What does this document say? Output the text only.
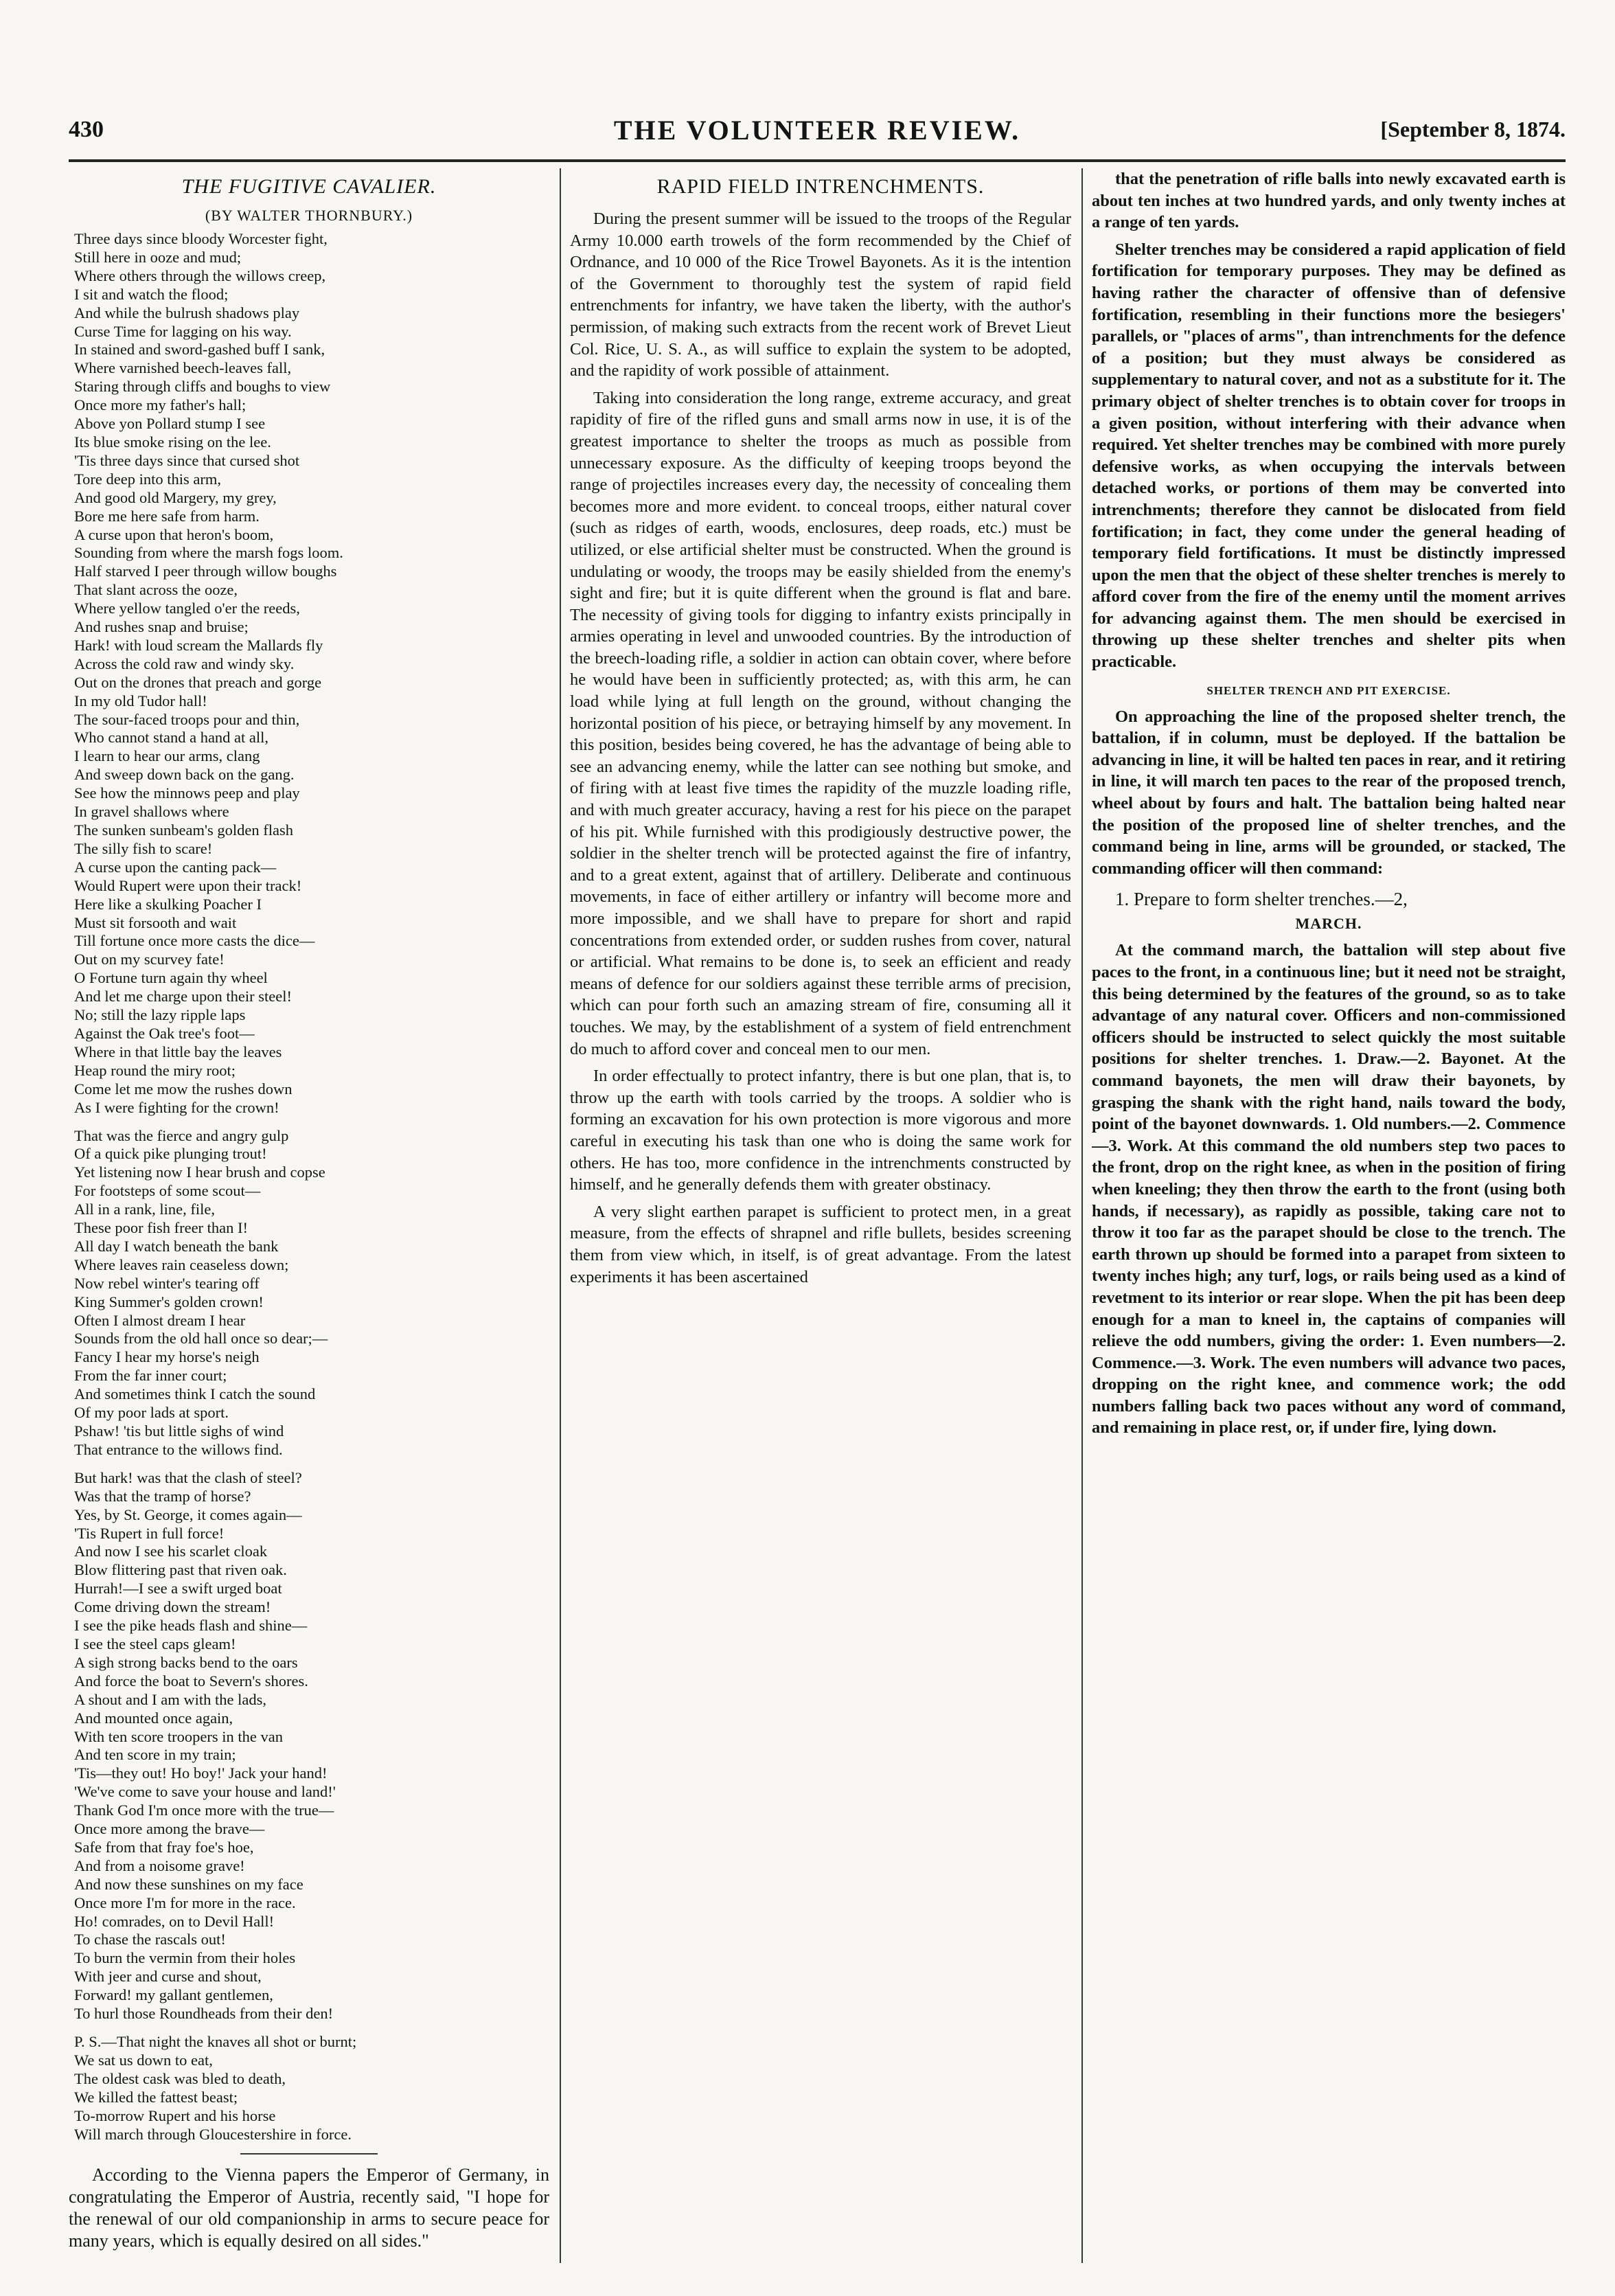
430	THE VOLUNTEER REVIEW.	[September 8, 1874.
THE FUGITIVE CAVALIER.
(BY WALTER THORNBURY.)
Three days since bloody Worcester fight,
Still here in ooze and mud;
Where others through the willows creep,
I sit and watch the flood;
And while the bulrush shadows play
Curse Time for lagging on his way.
In stained and sword-gashed buff I sank,
Where varnished beech-leaves fall,
Staring through cliffs and boughs to view
Once more my father's hall;
Above yon Pollard stump I see
Its blue smoke rising on the lee.
'Tis three days since that cursed shot
Tore deep into this arm,
And good old Margery, my grey,
Bore me here safe from harm.
A curse upon that heron's boom,
Sounding from where the marsh fogs loom.
Half starved I peer through willow boughs
That slant across the ooze,
Where yellow tangled o'er the reeds,
And rushes snap and bruise;
Hark! with loud scream the Mallards fly
Across the cold raw and windy sky.
Out on the drones that preach and gorge
In my old Tudor hall!
The sour-faced troops pour and thin,
Who cannot stand a hand at all,
I learn to hear our arms, clang
And sweep down back on the gang.
See how the minnows peep and play
In gravel shallows where
The sunken sunbeam's golden flash
The silly fish to scare!
A curse upon the canting pack—
Would Rupert were upon their track!
Here like a skulking Poacher I
Must sit forsooth and wait
Till fortune once more casts the dice—
Out on my scurvey fate!
O Fortune turn again thy wheel
And let me charge upon their steel!
No; still the lazy ripple laps
Against the Oak tree's foot—
Where in that little bay the leaves
Heap round the miry root;
Come let me mow the rushes down
As I were fighting for the crown!
That was the fierce and angry gulp
Of a quick pike plunging trout!
Yet listening now I hear brush and copse
For footsteps of some scout—
All in a rank, line, file,
These poor fish freer than I!
All day I watch beneath the bank
Where leaves rain ceaseless down;
Now rebel winter's tearing off
King Summer's golden crown!
Often I almost dream I hear
Sounds from the old hall once so dear;—
Fancy I hear my horse's neigh
From the far inner court;
And sometimes think I catch the sound
Of my poor lads at sport.
Pshaw! 'tis but little sighs of wind
That entrance to the willows find.
But hark! was that the clash of steel?
Was that the tramp of horse?
Yes, by St. George, it comes again—
'Tis Rupert in full force!
And now I see his scarlet cloak
Blow flittering past that riven oak.
Hurrah!—I see a swift urged boat
Come driving down the stream!
I see the pike heads flash and shine—
I see the steel caps gleam!
A sigh strong backs bend to the oars
And force the boat to Severn's shores.
A shout and I am with the lads,
And mounted once again,
With ten score troopers in the van
And ten score in my train;
'Tis—they out! Ho boy!' Jack your hand!
'We've come to save your house and land!'
Thank God I'm once more with the true—
Once more among the brave—
Safe from that fray foe's hoe,
And from a noisome grave!
And now these sunshines on my face
Once more I'm for more in the race.
Ho! comrades, on to Devil Hall!
To chase the rascals out!
To burn the vermin from their holes
With jeer and curse and shout,
Forward! my gallant gentlemen,
To hurl those Roundheads from their den!
P. S.—That night the knaves all shot or burnt;
We sat us down to eat,
The oldest cask was bled to death,
We killed the fattest beast;
To-morrow Rupert and his horse
Will march through Gloucestershire in force.

According to the Vienna papers the Emperor of Germany, in congratulating the Emperor of Austria, recently said, "I hope for the renewal of our old companionship in arms to secure peace for many years, which is equally desired on all sides."

RAPID FIELD INTRENCHMENTS.

During the present summer will be issued to the troops of the Regular Army 10.000 earth trowels of the form recommended by the Chief of Ordnance, and 10 000 of the Rice Trowel Bayonets. As it is the intention of the Government to thoroughly test the system of rapid field entrenchments for infantry, we have taken the liberty, with the author's permission, of making such extracts from the recent work of Brevet Lieut Col. Rice, U. S. A., as will suffice to explain the system to be adopted, and the rapidity of work possible of attainment.

Taking into consideration the long range, extreme accuracy, and great rapidity of fire of the rifled guns and small arms now in use, it is of the greatest importance to shelter the troops as much as possible from unnecessary exposure. As the difficulty of keeping troops beyond the range of projectiles increases every day, the necessity of concealing them becomes more and more evident. to conceal troops, either natural cover (such as ridges of earth, woods, enclosures, deep roads, etc.) must be utilized, or else artificial shelter must be constructed. When the ground is undulating or woody, the troops may be easily shielded from the enemy's sight and fire; but it is quite different when the ground is flat and bare. The necessity of giving tools for digging to infantry exists principally in armies operating in level and unwooded countries. By the introduction of the breech-loading rifle, a soldier in action can obtain cover, where before he would have been in sufficiently protected; as, with this arm, he can load while lying at full length on the ground, without changing the horizontal position of his piece, or betraying himself by any movement. In this position, besides being covered, he has the advantage of being able to see an advancing enemy, while the latter can see nothing but smoke, and of firing with at least five times the rapidity of the muzzle loading rifle, and with much greater accuracy, having a rest for his piece on the parapet of his pit. While furnished with this prodigiously destructive power, the soldier in the shelter trench will be protected against the fire of infantry, and to a great extent, against that of artillery. Deliberate and continuous movements, in face of either artillery or infantry will become more and more impossible, and we shall have to prepare for short and rapid concentrations from extended order, or sudden rushes from cover, natural or artificial. What remains to be done is, to seek an efficient and ready means of defence for our soldiers against these terrible arms of precision, which can pour forth such an amazing stream of fire, consuming all it touches. We may, by the establishment of a system of field entrenchment do much to afford cover and conceal men to our men.

In order effectually to protect infantry, there is but one plan, that is, to throw up the earth with tools carried by the troops. A soldier who is forming an excavation for his own protection is more vigorous and more careful in executing his task than one who is doing the same work for others. He has too, more confidence in the intrenchments constructed by himself, and he generally defends them with greater obstinacy.

A very slight earthen parapet is sufficient to protect men, in a great measure, from the effects of shrapnel and rifle bullets, besides screening them from view which, in itself, is of great advantage. From the latest experiments it has been ascertained

that the penetration of rifle balls into newly excavated earth is about ten inches at two hundred yards, and only twenty inches at a range of ten yards.

Shelter trenches may be considered a rapid application of field fortification for temporary purposes. They may be defined as having rather the character of offensive than of defensive fortification, resembling in their functions more the besiegers' parallels, or "places of arms", than intrenchments for the defence of a position; but they must always be considered as supplementary to natural cover, and not as a substitute for it. The primary object of shelter trenches is to obtain cover for troops in a given position, without interfering with their advance when required. Yet shelter trenches may be combined with more purely defensive works, as when occupying the intervals between detached works, or portions of them may be converted into intrenchments; therefore they cannot be dislocated from field fortification; in fact, they come under the general heading of temporary field fortifications. It must be distinctly impressed upon the men that the object of these shelter trenches is merely to afford cover from the fire of the enemy until the moment arrives for advancing against them. The men should be exercised in throwing up these shelter trenches and shelter pits when practicable.

SHELTER TRENCH AND PIT EXERCISE.

On approaching the line of the proposed shelter trench, the battalion, if in column, must be deployed. If the battalion be advancing in line, it will be halted ten paces in rear, and it retiring in line, it will march ten paces to the rear of the proposed trench, wheel about by fours and halt. The battalion being halted near the position of the proposed line of shelter trenches, and the command being in line, arms will be grounded, or stacked, The commanding officer will then command:

1. Prepare to form shelter trenches.—2,
MARCH.

At the command march, the battalion will step about five paces to the front, in a continuous line; but it need not be straight, this being determined by the features of the ground, so as to take advantage of any natural cover. Officers and non-commissioned officers should be instructed to select quickly the most suitable positions for shelter trenches. 1. Draw.—2. Bayonet. At the command bayonets, the men will draw their bayonets, by grasping the shank with the right hand, nails toward the body, point of the bayonet downwards. 1. Old numbers.—2. Commence—3. Work. At this command the old numbers step two paces to the front, drop on the right knee, as when in the position of firing when kneeling; they then throw the earth to the front (using both hands, if necessary), as rapidly as possible, taking care not to throw it too far as the parapet should be close to the trench. The earth thrown up should be formed into a parapet from sixteen to twenty inches high; any turf, logs, or rails being used as a kind of revetment to its interior or rear slope. When the pit has been deep enough for a man to kneel in, the captains of companies will relieve the odd numbers, giving the order: 1. Even numbers—2. Commence.—3. Work. The even numbers will advance two paces, dropping on the right knee, and commence work; the odd numbers falling back two paces without any word of command, and remaining in place rest, or, if under fire, lying down.
